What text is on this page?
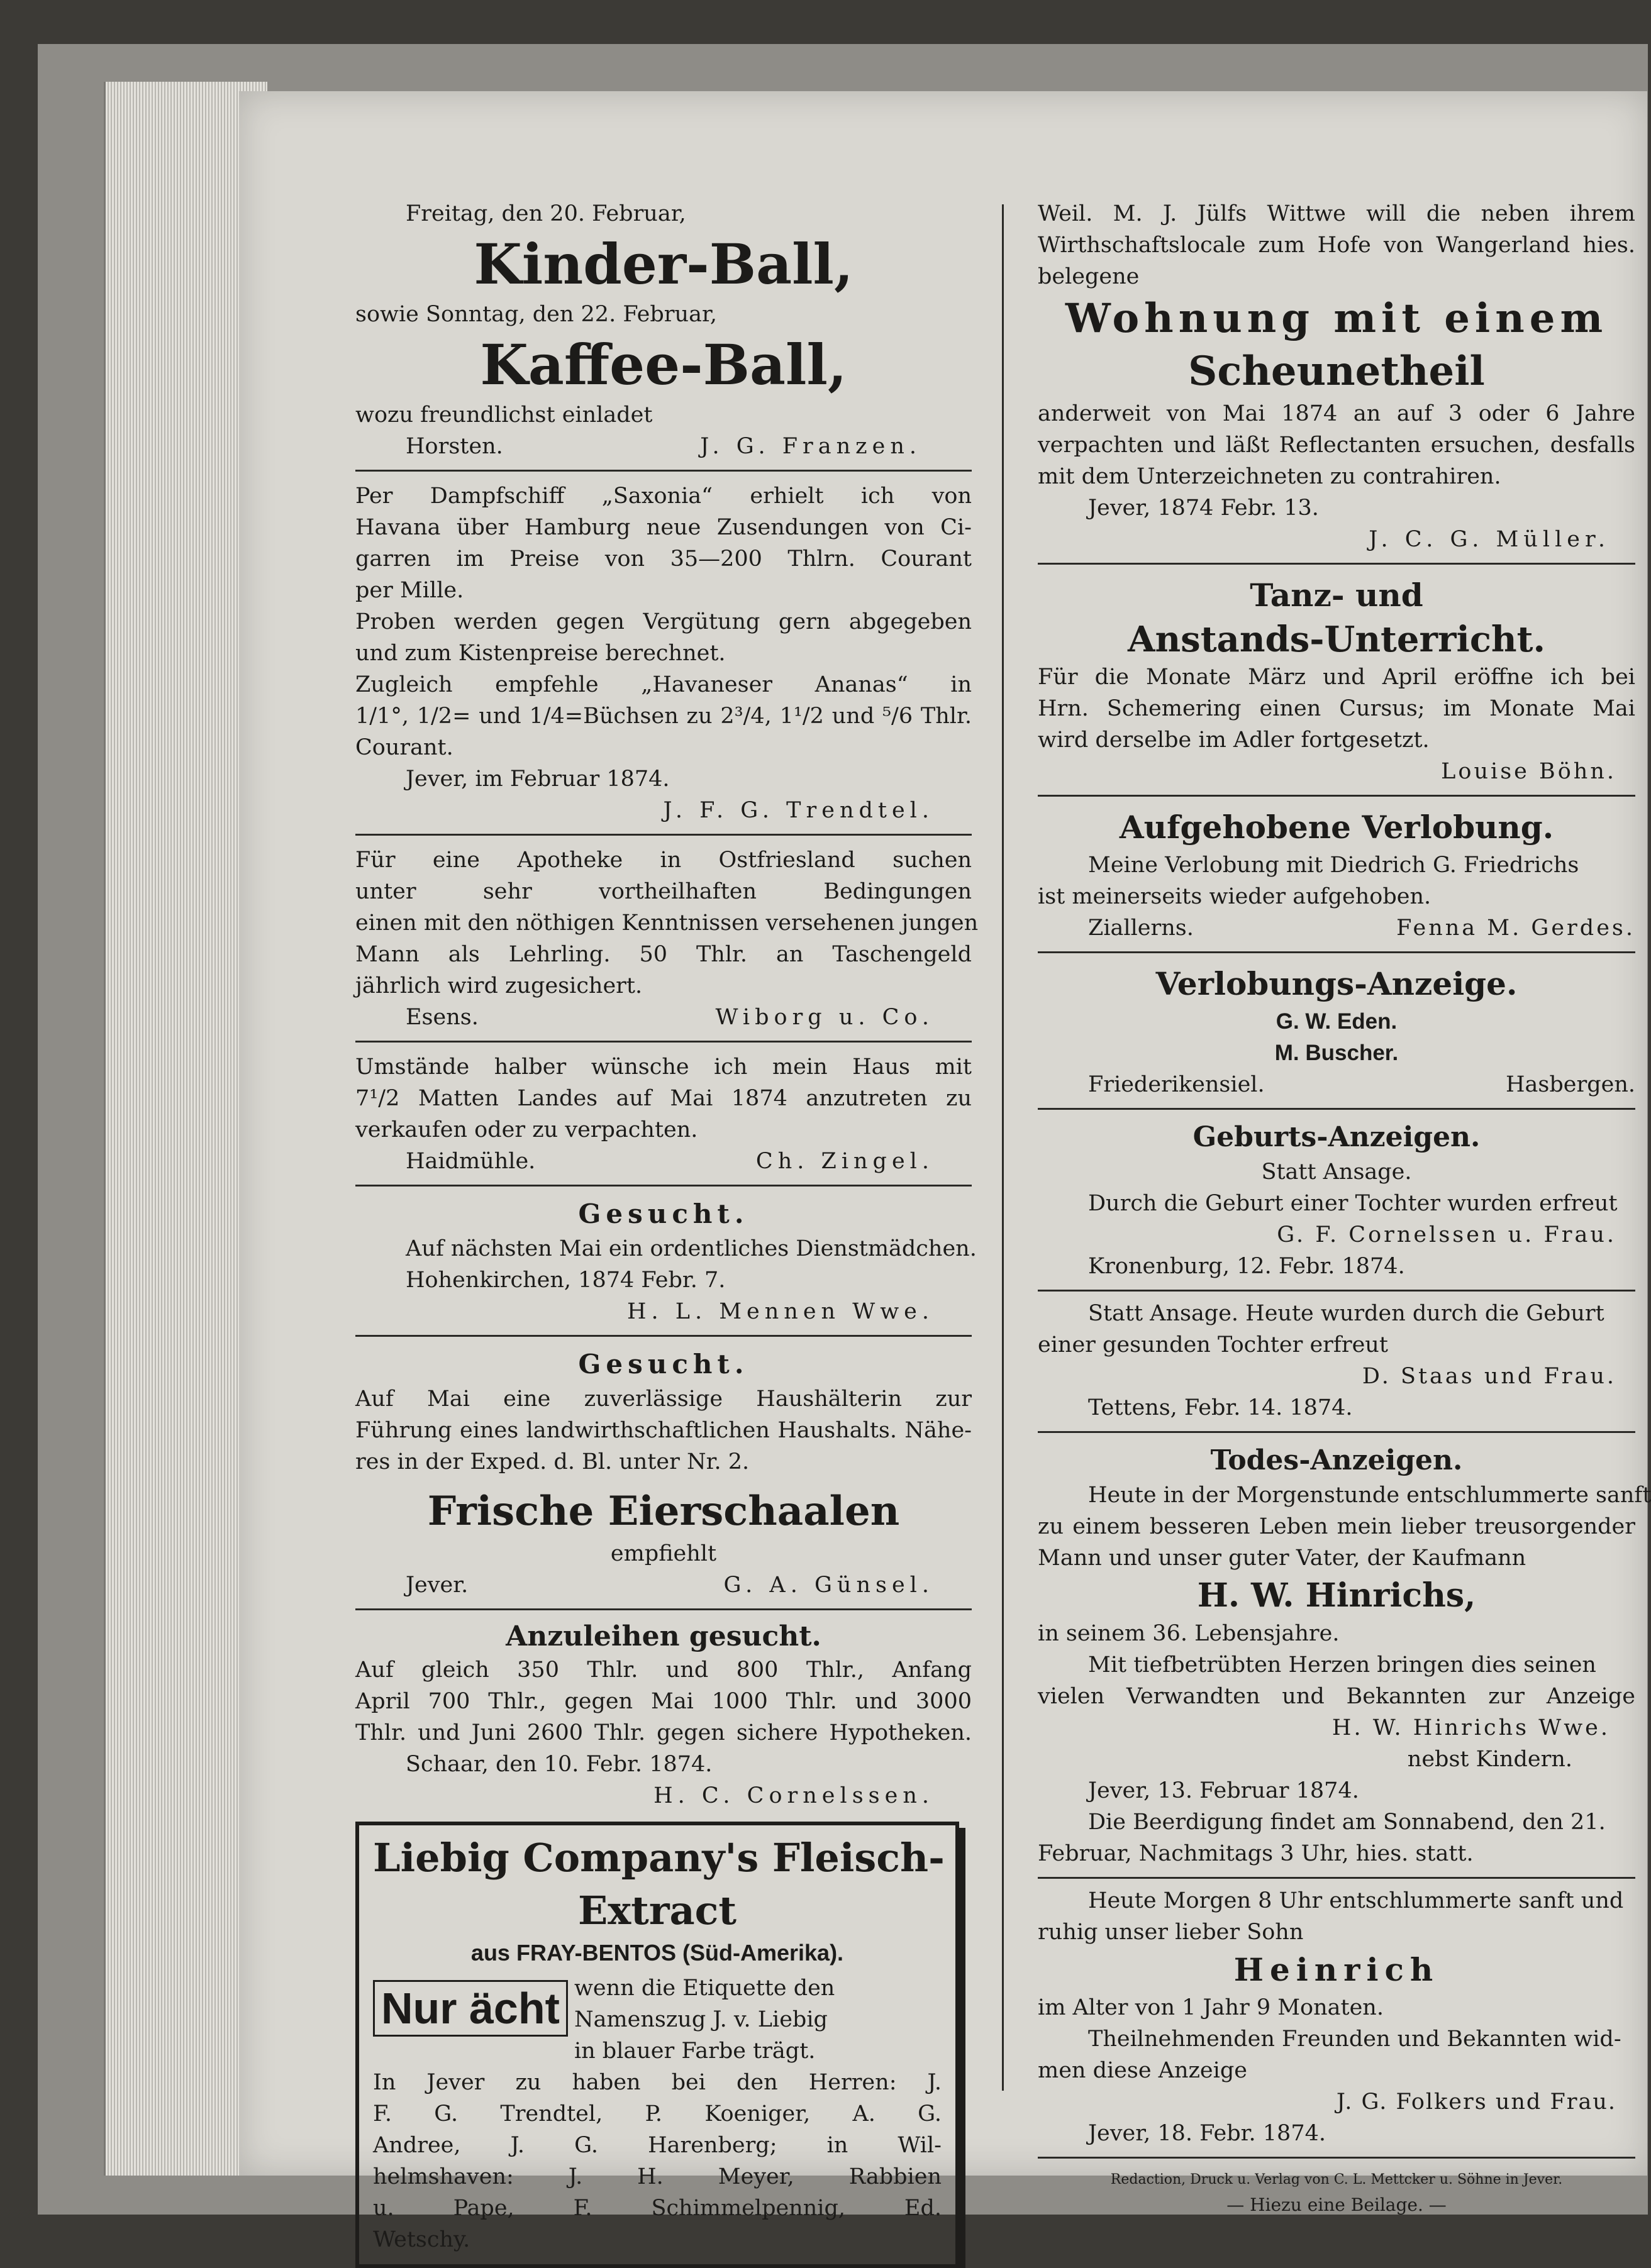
Freitag, den 20. Februar,
Kinder-Ball,
sowie Sonntag, den 22. Februar,
Kaffee-Ball,
wozu freundlichst einladet
Horsten.	J. G. Franzen.
Per Dampfschiff „Saxonia“ erhielt ich von
Havana über Hamburg neue Zusendungen von Ci-
garren im Preise von 35—200 Thlrn. Courant
per Mille.
Proben werden gegen Vergütung gern abgegeben
und zum Kistenpreise berechnet.
Zugleich empfehle „Havaneser Ananas“ in
1/1°, 1/2= und 1/4=Büchsen zu 2³/4, 1¹/2 und ⁵/6 Thlr.
Courant.
Jever, im Februar 1874.
J. F. G. Trendtel.
Für eine Apotheke in Ostfriesland suchen
unter sehr vortheilhaften Bedingungen
einen mit den nöthigen Kenntnissen versehenen jungen
Mann als Lehrling. 50 Thlr. an Taschengeld
jährlich wird zugesichert.
Esens.	Wiborg u. Co.
Umstände halber wünsche ich mein Haus mit
7¹/2 Matten Landes auf Mai 1874 anzutreten zu
verkaufen oder zu verpachten.
Haidmühle.	Ch. Zingel.
Gesucht.
Auf nächsten Mai ein ordentliches Dienstmädchen.
Hohenkirchen, 1874 Febr. 7.
H. L. Mennen Wwe.
Gesucht.
Auf Mai eine zuverlässige Haushälterin zur
Führung eines landwirthschaftlichen Haushalts. Nähe-
res in der Exped. d. Bl. unter Nr. 2.
Frische Eierschaalen
empfiehlt
Jever.	G. A. Günsel.
Anzuleihen gesucht.
Auf gleich 350 Thlr. und 800 Thlr., Anfang
April 700 Thlr., gegen Mai 1000 Thlr. und 3000
Thlr. und Juni 2600 Thlr. gegen sichere Hypotheken.
Schaar, den 10. Febr. 1874.
H. C. Cornelssen.
Liebig Company's Fleisch-
Extract
aus FRAY-BENTOS (Süd-Amerika).
Nur ächt wenn die Etiquette den
Namenszug J. v. Liebig
in blauer Farbe trägt.
In Jever zu haben bei den Herren: J.
F. G. Trendtel, P. Koeniger, A. G.
Andree, J. G. Harenberg; in Wil-
helmshaven: J. H. Meyer, Rabbien
u. Pape, F. Schimmelpennig, Ed.
Wetschy.
Weil. M. J. Jülfs Wittwe will die neben ihrem
Wirthschaftslocale zum Hofe von Wangerland hies.
belegene
Wohnung mit einem
Scheunetheil
anderweit von Mai 1874 an auf 3 oder 6 Jahre
verpachten und läßt Reflectanten ersuchen, desfalls
mit dem Unterzeichneten zu contrahiren.
Jever, 1874 Febr. 13.
J. C. G. Müller.
Tanz- und
Anstands-Unterricht.
Für die Monate März und April eröffne ich bei
Hrn. Schemering einen Cursus; im Monate Mai
wird derselbe im Adler fortgesetzt.
Louise Böhn.
Aufgehobene Verlobung.
Meine Verlobung mit Diedrich G. Friedrichs
ist meinerseits wieder aufgehoben.
Ziallerns.	Fenna M. Gerdes.
Verlobungs-Anzeige.
G. W. Eden.
M. Buscher.
Friederikensiel.	Hasbergen.
Geburts-Anzeigen.
Statt Ansage.
Durch die Geburt einer Tochter wurden erfreut
G. F. Cornelssen u. Frau.
Kronenburg, 12. Febr. 1874.
Statt Ansage. Heute wurden durch die Geburt
einer gesunden Tochter erfreut
D. Staas und Frau.
Tettens, Febr. 14. 1874.
Todes-Anzeigen.
Heute in der Morgenstunde entschlummerte sanft
zu einem besseren Leben mein lieber treusorgender
Mann und unser guter Vater, der Kaufmann
H. W. Hinrichs,
in seinem 36. Lebensjahre.
Mit tiefbetrübten Herzen bringen dies seinen
vielen Verwandten und Bekannten zur Anzeige
H. W. Hinrichs Wwe.
nebst Kindern.
Jever, 13. Februar 1874.
Die Beerdigung findet am Sonnabend, den 21.
Februar, Nachmitags 3 Uhr, hies. statt.
Heute Morgen 8 Uhr entschlummerte sanft und
ruhig unser lieber Sohn
Heinrich
im Alter von 1 Jahr 9 Monaten.
Theilnehmenden Freunden und Bekannten wid-
men diese Anzeige
J. G. Folkers und Frau.
Jever, 18. Febr. 1874.
Redaction, Druck u. Verlag von C. L. Mettcker u. Söhne in Jever.
— Hiezu eine Beilage. —
